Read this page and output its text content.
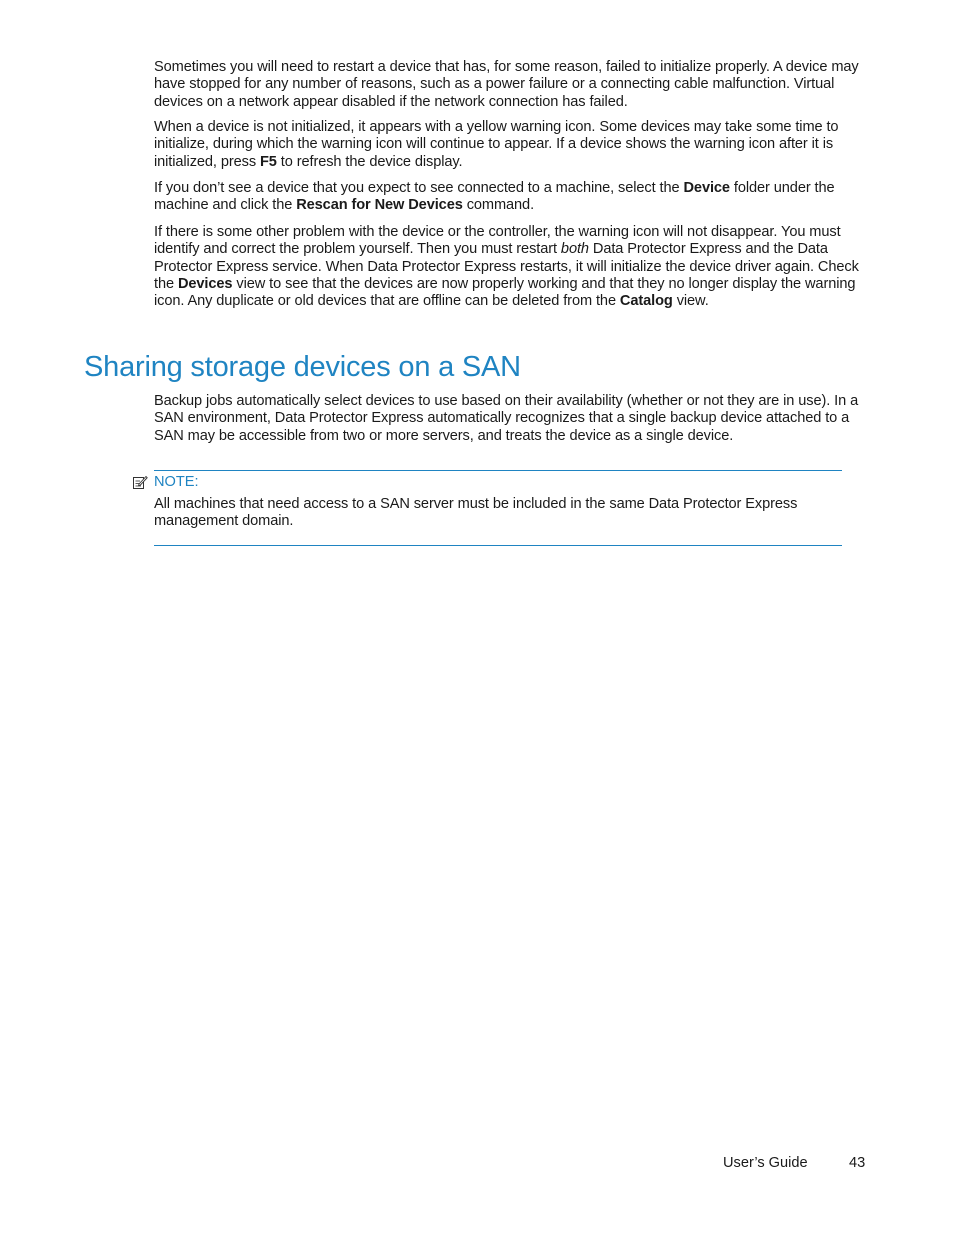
Sometimes you will need to restart a device that has, for some reason, failed to initialize properly. A device may have stopped for any number of reasons, such as a power failure or a connecting cable malfunction. Virtual devices on a network appear disabled if the network connection has failed.

When a device is not initialized, it appears with a yellow warning icon. Some devices may take some time to initialize, during which the warning icon will continue to appear. If a device shows the warning icon after it is initialized, press F5 to refresh the device display.

If you don’t see a device that you expect to see connected to a machine, select the Device folder under the machine and click the Rescan for New Devices command.

If there is some other problem with the device or the controller, the warning icon will not disappear. You must identify and correct the problem yourself. Then you must restart both Data Protector Express and the Data Protector Express service. When Data Protector Express restarts, it will initialize the device driver again. Check the Devices view to see that the devices are now properly working and that they no longer display the warning icon. Any duplicate or old devices that are offline can be deleted from the Catalog view.

Sharing storage devices on a SAN

Backup jobs automatically select devices to use based on their availability (whether or not they are in use). In a SAN environment, Data Protector Express automatically recognizes that a single backup device attached to a SAN may be accessible from two or more servers, and treats the device as a single device.

NOTE:

All machines that need access to a SAN server must be included in the same Data Protector Express management domain.

User’s Guide	43
